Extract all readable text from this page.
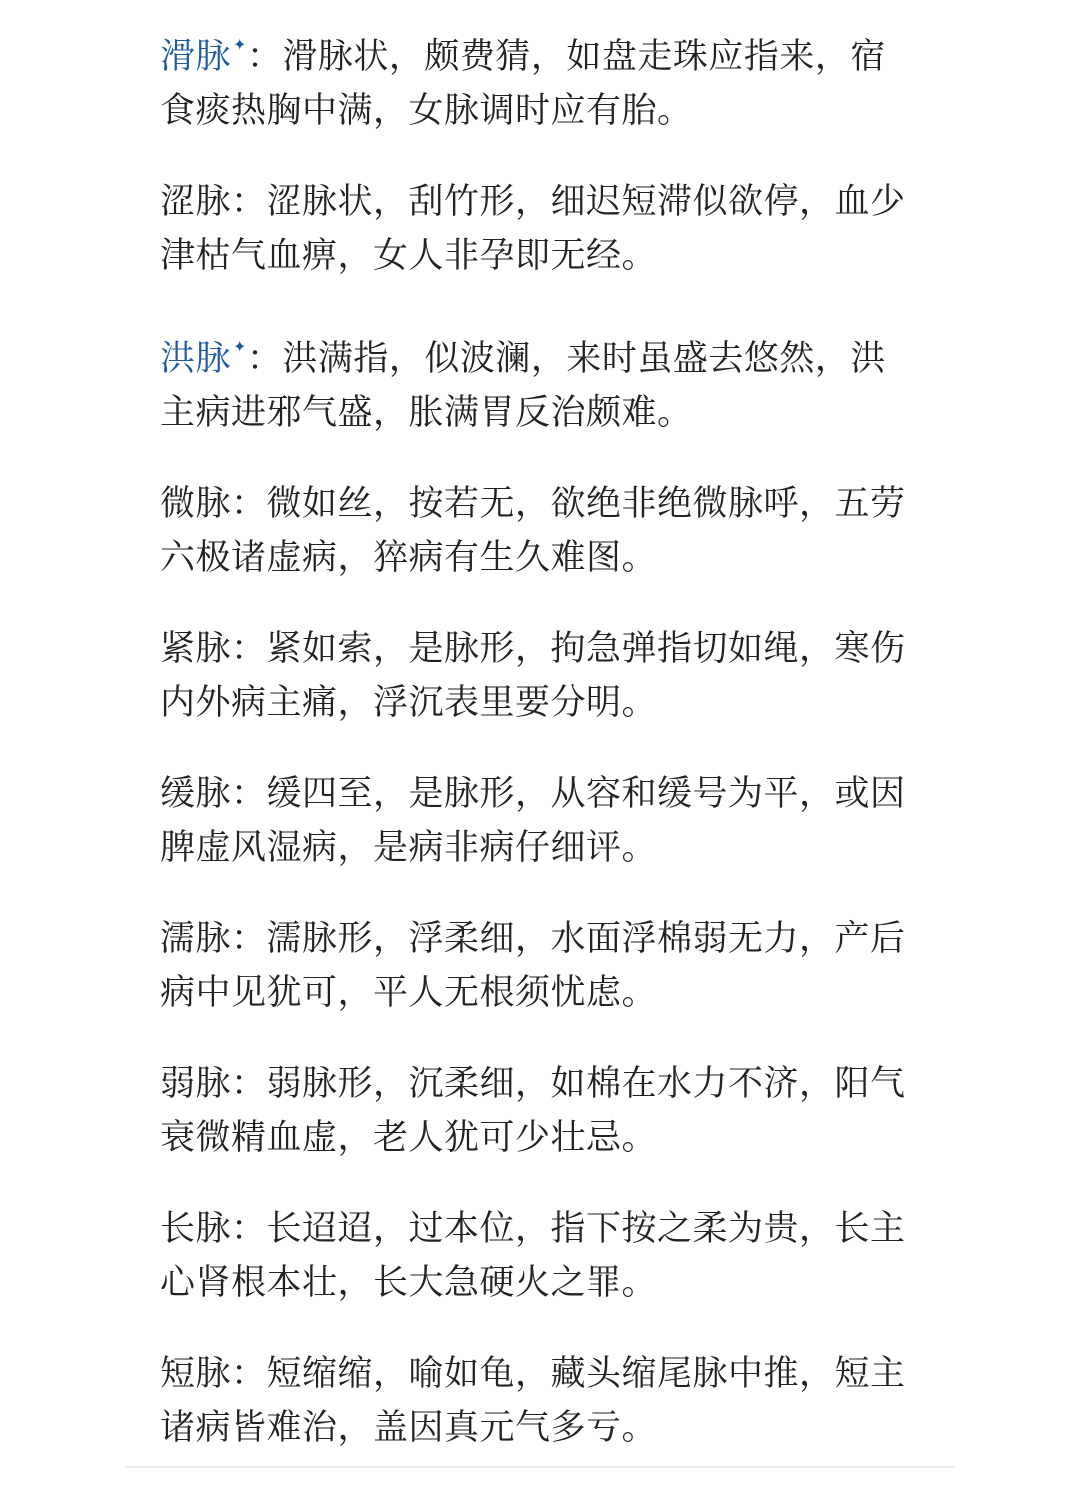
滑脉 ✦：滑脉状，颇费猜，如盘走珠应指来，宿食痰热胸中满，女脉调时应有胎。

涩脉：涩脉状，刮竹形，细迟短滞似欲停，血少津枯气血痹，女人非孕即无经。

洪脉 ✦：洪满指，似波澜，来时虽盛去悠然，洪主病进邪气盛，胀满胃反治颇难。

微脉：微如丝，按若无，欲绝非绝微脉呼，五劳六极诸虚病，猝病有生久难图。

紧脉：紧如索，是脉形，拘急弹指切如绳，寒伤内外病主痛，浮沉表里要分明。

缓脉：缓四至，是脉形，从容和缓号为平，或因脾虚风湿病，是病非病仔细评。

濡脉：濡脉形，浮柔细，水面浮棉弱无力，产后病中见犹可，平人无根须忧虑。

弱脉：弱脉形，沉柔细，如棉在水力不济，阳气衰微精血虚，老人犹可少壮忌。

长脉：长迢迢，过本位，指下按之柔为贵，长主心肾根本壮，长大急硬火之罪。

短脉：短缩缩，喻如龟，藏头缩尾脉中推，短主诸病皆难治，盖因真元气多亏。
